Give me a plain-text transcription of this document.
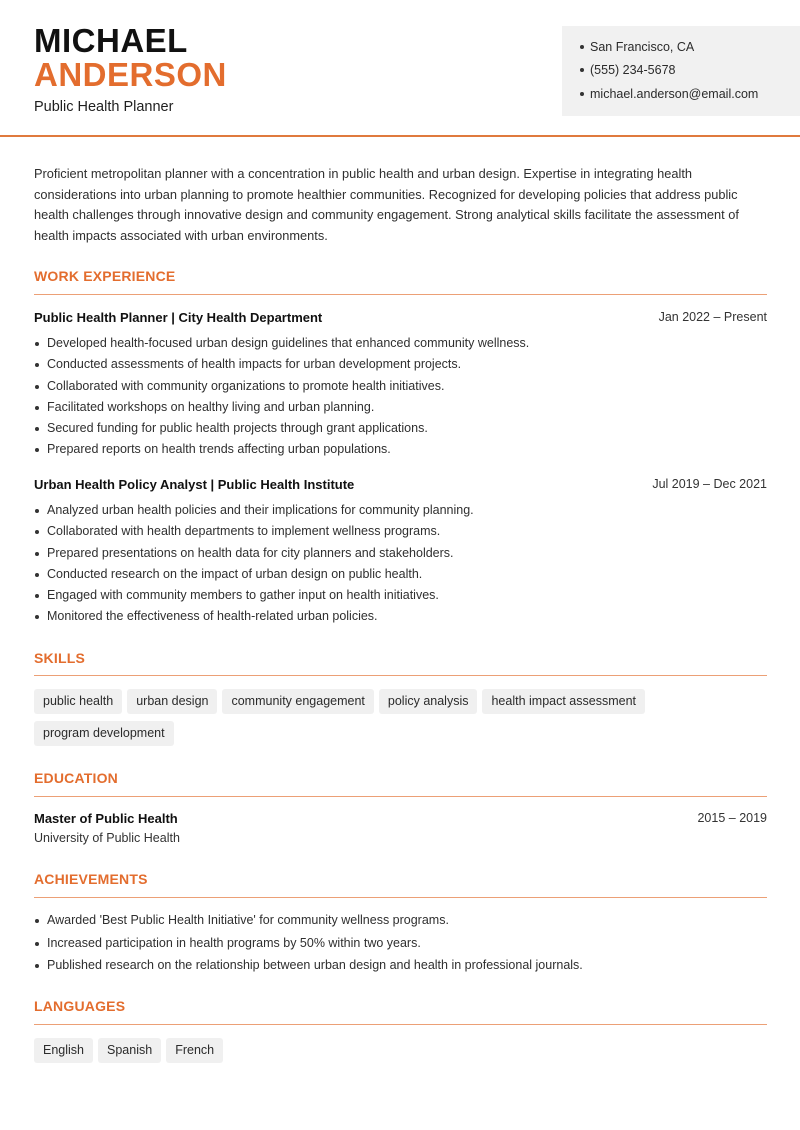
MICHAEL
ANDERSON
Public Health Planner
San Francisco, CA
(555) 234-5678
michael.anderson@email.com
Proficient metropolitan planner with a concentration in public health and urban design. Expertise in integrating health considerations into urban planning to promote healthier communities. Recognized for developing policies that address public health challenges through innovative design and community engagement. Strong analytical skills facilitate the assessment of health impacts associated with urban environments.
WORK EXPERIENCE
Public Health Planner | City Health Department	Jan 2022 – Present
Developed health-focused urban design guidelines that enhanced community wellness.
Conducted assessments of health impacts for urban development projects.
Collaborated with community organizations to promote health initiatives.
Facilitated workshops on healthy living and urban planning.
Secured funding for public health projects through grant applications.
Prepared reports on health trends affecting urban populations.
Urban Health Policy Analyst | Public Health Institute	Jul 2019 – Dec 2021
Analyzed urban health policies and their implications for community planning.
Collaborated with health departments to implement wellness programs.
Prepared presentations on health data for city planners and stakeholders.
Conducted research on the impact of urban design on public health.
Engaged with community members to gather input on health initiatives.
Monitored the effectiveness of health-related urban policies.
SKILLS
public health urban design community engagement policy analysis health impact assessmentprogram development
EDUCATION
Master of Public Health
University of Public Health
2015 – 2019
ACHIEVEMENTS
Awarded 'Best Public Health Initiative' for community wellness programs.
Increased participation in health programs by 50% within two years.
Published research on the relationship between urban design and health in professional journals.
LANGUAGES
English Spanish French
